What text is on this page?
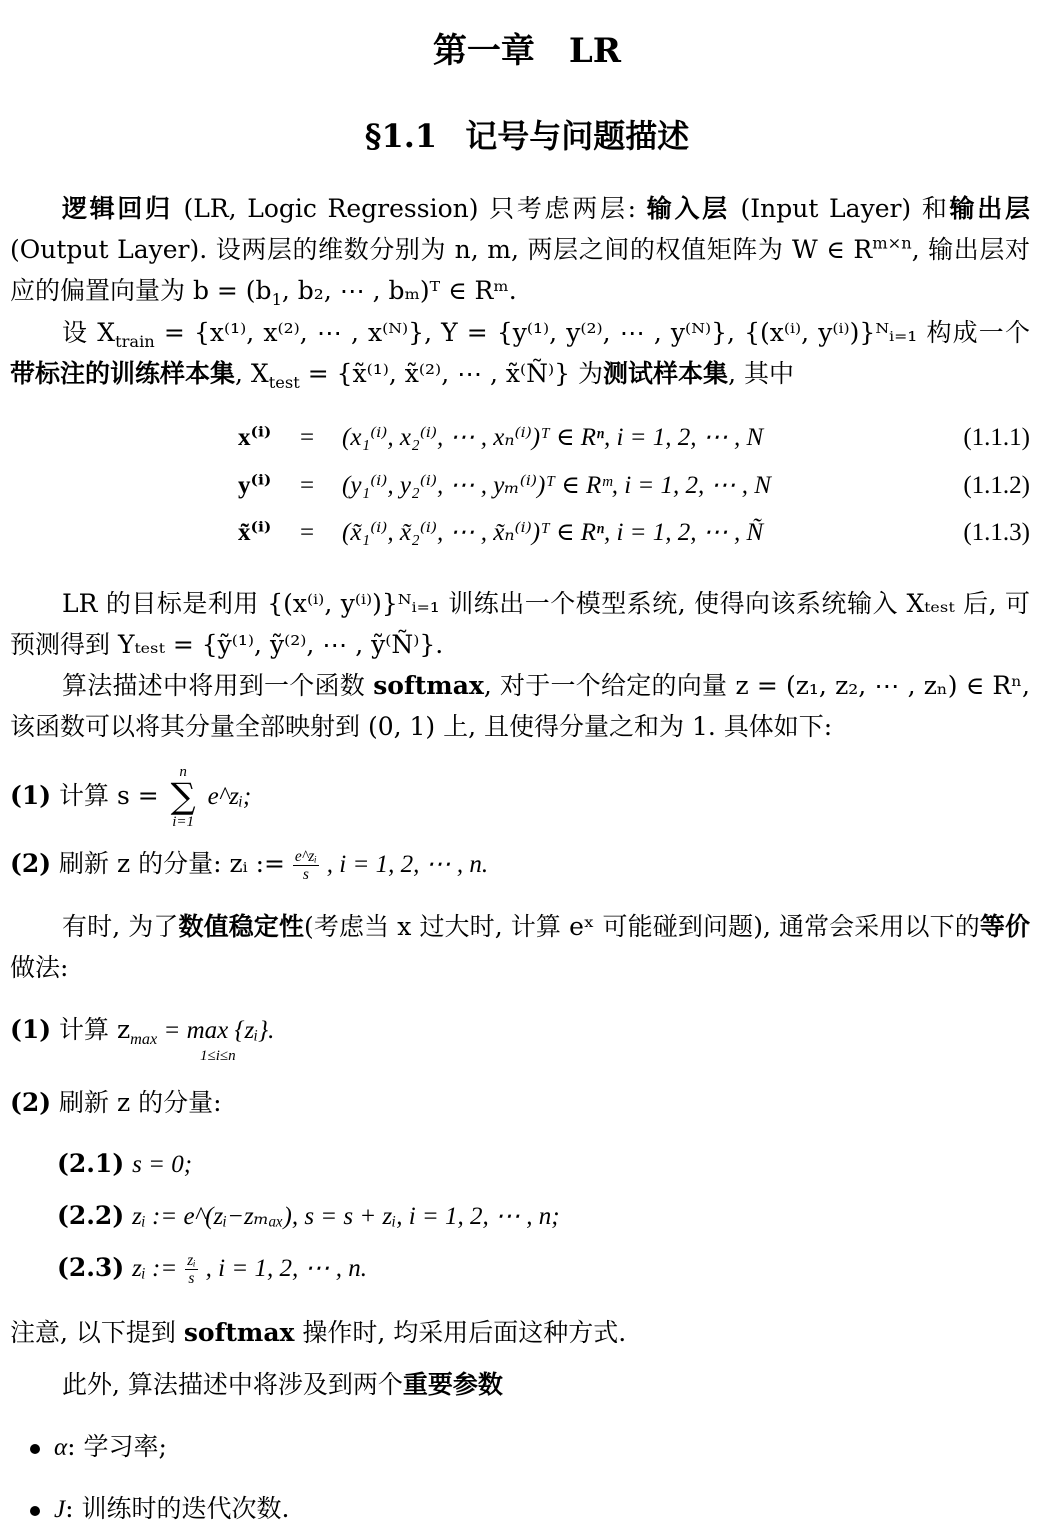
第一章　LR
§1.1 记号与问题描述

逻辑回归 (LR, Logic Regression) 只考虑两层: 输入层 (Input Layer) 和输出层 (Output Layer). 设两层的维数分别为 n, m, 两层之间的权值矩阵为 W ∈ $R^{m\times n}$, 输出层对应的偏置向量为 $b = (b_1$, b₂, ⋯ , bₘ)ᵀ ∈ Rᵐ.

设 $X_{train} = \{x^{(1)}$, x⁽²⁾, ⋯ , x⁽ᴺ⁾}, Y = {y⁽¹⁾, y⁽²⁾, ⋯ , y⁽ᴺ⁾}, {(x⁽ⁱ⁾, y⁽ⁱ⁾)}ᴺᵢ₌₁ 构成一个带标注的训练样本集, $X_{test}$ = {x̃⁽¹⁾, x̃⁽²⁾, ⋯ , x̃⁽Ñ⁾} 为测试样本集, 其中

x⁽ⁱ⁾ = (x₁⁽ⁱ⁾, x₂⁽ⁱ⁾, ⋯ , xₙ⁽ⁱ⁾)ᵀ ∈ Rⁿ, i = 1, 2, ⋯ , N	(1.1.1)
y⁽ⁱ⁾ = (y₁⁽ⁱ⁾, y₂⁽ⁱ⁾, ⋯ , yₘ⁽ⁱ⁾)ᵀ ∈ Rᵐ, i = 1, 2, ⋯ , N	(1.1.2)
x̃⁽ⁱ⁾ = (x̃₁⁽ⁱ⁾, x̃₂⁽ⁱ⁾, ⋯ , x̃ₙ⁽ⁱ⁾)ᵀ ∈ Rⁿ, i = 1, 2, ⋯ , Ñ	(1.1.3)

LR 的目标是利用 {(x⁽ⁱ⁾, y⁽ⁱ⁾)}ᴺᵢ₌₁ 训练出一个模型系统, 使得向该系统输入 Xₜₑₛₜ 后, 可预测得到 Yₜₑₛₜ = {ỹ⁽¹⁾, ỹ⁽²⁾, ⋯ , ỹ⁽Ñ⁾}.

算法描述中将用到一个函数 softmax, 对于一个给定的向量 z = (z₁, z₂, ⋯ , zₙ) ∈ Rⁿ, 该函数可以将其分量全部映射到 (0, 1) 上, 且使得分量之和为 1. 具体如下:

(1) 计算 s =
n
∑
i=1
e^zᵢ;
(2) 刷新 z 的分量: zᵢ := $\frac{\text{e\textasciicircum{}zᵢ}}{s}$ , i = 1, 2, ⋯ , n.

有时, 为了数值稳定性(考虑当 x 过大时, 计算 eˣ 可能碰到问题), 通常会采用以下的等价做法:

(1) 计算 $z_{max} = \max$ {zᵢ}.
1≤i≤n
(2) 刷新 z 的分量:
(2.1) s = 0;
(2.2) zᵢ := e^(zᵢ−zₘₐₓ), s = s + zᵢ, i = 1, 2, ⋯ , n;
(2.3) zᵢ := $\frac{\text{zᵢ}}{s}$ , i = 1, 2, ⋯ , n.
注意, 以下提到 softmax 操作时, 均采用后面这种方式.
此外, 算法描述中将涉及到两个重要参数
α: 学习率;
J: 训练时的迭代次数.
